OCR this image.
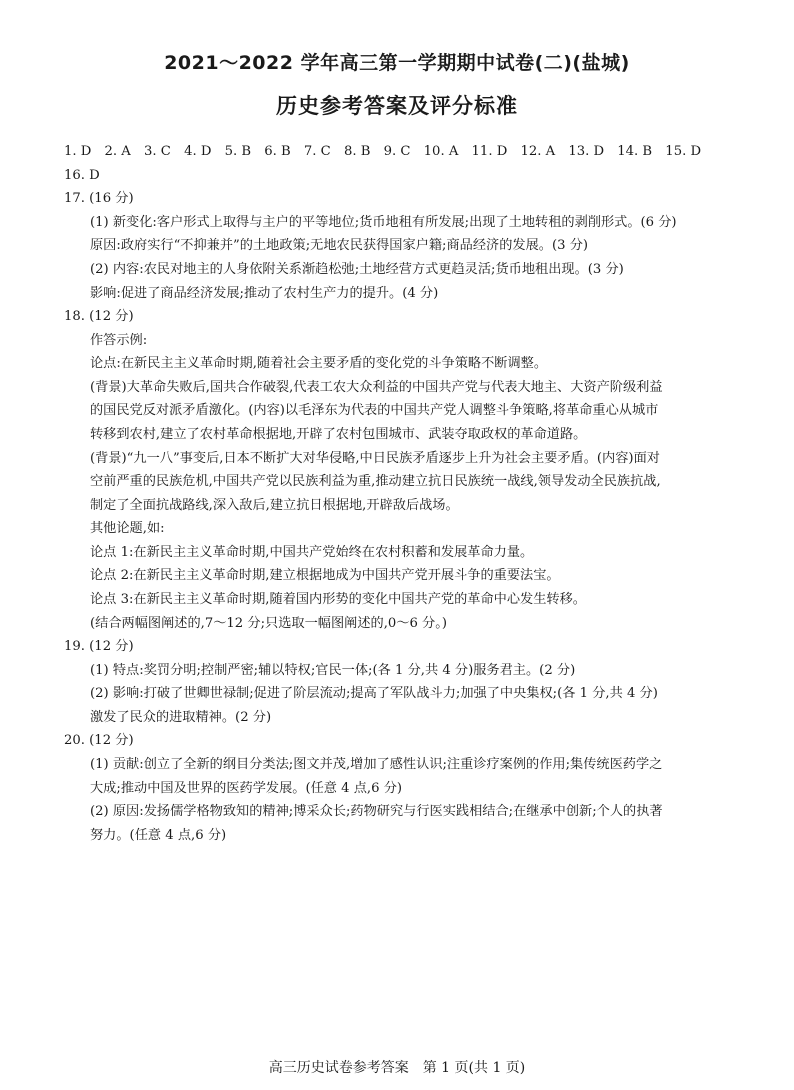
2021～2022 学年高三第一学期期中试卷(二)(盐城)
历史参考答案及评分标准
1. D　2. A　3. C　4. D　5. B　6. B　7. C　8. B　9. C　10. A　11. D　12. A　13. D　14. B　15. D
16. D
17. (16 分)
(1) 新变化:客户形式上取得与主户的平等地位;货币地租有所发展;出现了土地转租的剥削形式。(6 分)
原因:政府实行“不抑兼并”的土地政策;无地农民获得国家户籍;商品经济的发展。(3 分)
(2) 内容:农民对地主的人身依附关系渐趋松弛;土地经营方式更趋灵活;货币地租出现。(3 分)
影响:促进了商品经济发展;推动了农村生产力的提升。(4 分)
18. (12 分)
作答示例:
论点:在新民主主义革命时期,随着社会主要矛盾的变化党的斗争策略不断调整。
(背景)大革命失败后,国共合作破裂,代表工农大众利益的中国共产党与代表大地主、大资产阶级利益
的国民党反对派矛盾激化。(内容)以毛泽东为代表的中国共产党人调整斗争策略,将革命重心从城市
转移到农村,建立了农村革命根据地,开辟了农村包围城市、武装夺取政权的革命道路。
(背景)“九一八”事变后,日本不断扩大对华侵略,中日民族矛盾逐步上升为社会主要矛盾。(内容)面对
空前严重的民族危机,中国共产党以民族利益为重,推动建立抗日民族统一战线,领导发动全民族抗战,
制定了全面抗战路线,深入敌后,建立抗日根据地,开辟敌后战场。
其他论题,如:
论点 1:在新民主主义革命时期,中国共产党始终在农村积蓄和发展革命力量。
论点 2:在新民主主义革命时期,建立根据地成为中国共产党开展斗争的重要法宝。
论点 3:在新民主主义革命时期,随着国内形势的变化中国共产党的革命中心发生转移。
(结合两幅图阐述的,7～12 分;只选取一幅图阐述的,0～6 分。)
19. (12 分)
(1) 特点:奖罚分明;控制严密;辅以特权;官民一体;(各 1 分,共 4 分)服务君主。(2 分)
(2) 影响:打破了世卿世禄制;促进了阶层流动;提高了军队战斗力;加强了中央集权;(各 1 分,共 4 分)
激发了民众的进取精神。(2 分)
20. (12 分)
(1) 贡献:创立了全新的纲目分类法;图文并茂,增加了感性认识;注重诊疗案例的作用;集传统医药学之
大成;推动中国及世界的医药学发展。(任意 4 点,6 分)
(2) 原因:发扬儒学格物致知的精神;博采众长;药物研究与行医实践相结合;在继承中创新;个人的执著
努力。(任意 4 点,6 分)
高三历史试卷参考答案　第 1 页(共 1 页)
